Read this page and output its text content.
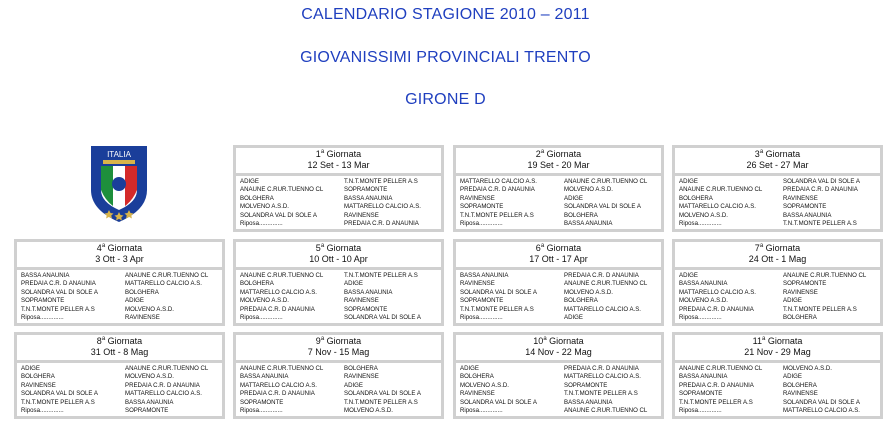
CALENDARIO STAGIONE 2010 – 2011
GIOVANISSIMI PROVINCIALI TRENTO
GIRONE D
ITALIA	1$^a$ Giornata
12 Set - 13 Mar
ADIGE	T.N.T.MONTE PELLER A.S
ANAUNE C.RUR.TUENNO CL	SOPRAMONTE
BOLGHERA	BASSA ANAUNIA
MOLVENO A.S.D.	MATTARELLO CALCIO A.S.
SOLANDRA VAL DI SOLE A	RAVINENSE
Riposa..............	PREDAIA C.R. D ANAUNIA
2$^a$ Giornata
19 Set - 20 Mar
MATTARELLO CALCIO A.S.	ANAUNE C.RUR.TUENNO CL
PREDAIA C.R. D ANAUNIA	MOLVENO A.S.D.
RAVINENSE	ADIGE
SOPRAMONTE	SOLANDRA VAL DI SOLE A
T.N.T.MONTE PELLER A.S	BOLGHERA
Riposa..............	BASSA ANAUNIA
3$^a$ Giornata
26 Set - 27 Mar
ADIGE	SOLANDRA VAL DI SOLE A
ANAUNE C.RUR.TUENNO CL	PREDAIA C.R. D ANAUNIA
BOLGHERA	RAVINENSE
MATTARELLO CALCIO A.S.	SOPRAMONTE
MOLVENO A.S.D.	BASSA ANAUNIA
Riposa..............	T.N.T.MONTE PELLER A.S
4$^a$ Giornata
3 Ott - 3 Apr
BASSA ANAUNIA	ANAUNE C.RUR.TUENNO CL
PREDAIA C.R. D ANAUNIA	MATTARELLO CALCIO A.S.
SOLANDRA VAL DI SOLE A	BOLGHERA
SOPRAMONTE	ADIGE
T.N.T.MONTE PELLER A.S	MOLVENO A.S.D.
Riposa..............	RAVINENSE
5$^a$ Giornata
10 Ott - 10 Apr
ANAUNE C.RUR.TUENNO CL	T.N.T.MONTE PELLER A.S
BOLGHERA	ADIGE
MATTARELLO CALCIO A.S.	BASSA ANAUNIA
MOLVENO A.S.D.	RAVINENSE
PREDAIA C.R. D ANAUNIA	SOPRAMONTE
Riposa..............	SOLANDRA VAL DI SOLE A
6$^a$ Giornata
17 Ott - 17 Apr
BASSA ANAUNIA	PREDAIA C.R. D ANAUNIA
RAVINENSE	ANAUNE C.RUR.TUENNO CL
SOLANDRA VAL DI SOLE A	MOLVENO A.S.D.
SOPRAMONTE	BOLGHERA
T.N.T.MONTE PELLER A.S	MATTARELLO CALCIO A.S.
Riposa..............	ADIGE
7$^a$ Giornata
24 Ott - 1 Mag
ADIGE	ANAUNE C.RUR.TUENNO CL
BASSA ANAUNIA	SOPRAMONTE
MATTARELLO CALCIO A.S.	RAVINENSE
MOLVENO A.S.D.	ADIGE
PREDAIA C.R. D ANAUNIA	T.N.T.MONTE PELLER A.S
Riposa..............	BOLGHERA
8$^a$ Giornata
31 Ott - 8 Mag
ADIGE	ANAUNE C.RUR.TUENNO CL
BOLGHERA	MOLVENO A.S.D.
RAVINENSE	PREDAIA C.R. D ANAUNIA
SOLANDRA VAL DI SOLE A	MATTARELLO CALCIO A.S.
T.N.T.MONTE PELLER A.S	BASSA ANAUNIA
Riposa..............	SOPRAMONTE
9$^a$ Giornata
7 Nov - 15 Mag
ANAUNE C.RUR.TUENNO CL	BOLGHERA
BASSA ANAUNIA	RAVINENSE
MATTARELLO CALCIO A.S.	ADIGE
PREDAIA C.R. D ANAUNIA	SOLANDRA VAL DI SOLE A
SOPRAMONTE	T.N.T.MONTE PELLER A.S
Riposa..............	MOLVENO A.S.D.
10$^a$ Giornata
14 Nov - 22 Mag
ADIGE	PREDAIA C.R. D ANAUNIA
BOLGHERA	MATTARELLO CALCIO A.S.
MOLVENO A.S.D.	SOPRAMONTE
RAVINENSE	T.N.T.MONTE PELLER A.S
SOLANDRA VAL DI SOLE A	BASSA ANAUNIA
Riposa..............	ANAUNE C.RUR.TUENNO CL
11$^a$ Giornata
21 Nov - 29 Mag
ANAUNE C.RUR.TUENNO CL	MOLVENO A.S.D.
BASSA ANAUNIA	ADIGE
PREDAIA C.R. D ANAUNIA	BOLGHERA
SOPRAMONTE	RAVINENSE
T.N.T.MONTE PELLER A.S	SOLANDRA VAL DI SOLE A
Riposa..............	MATTARELLO CALCIO A.S.
